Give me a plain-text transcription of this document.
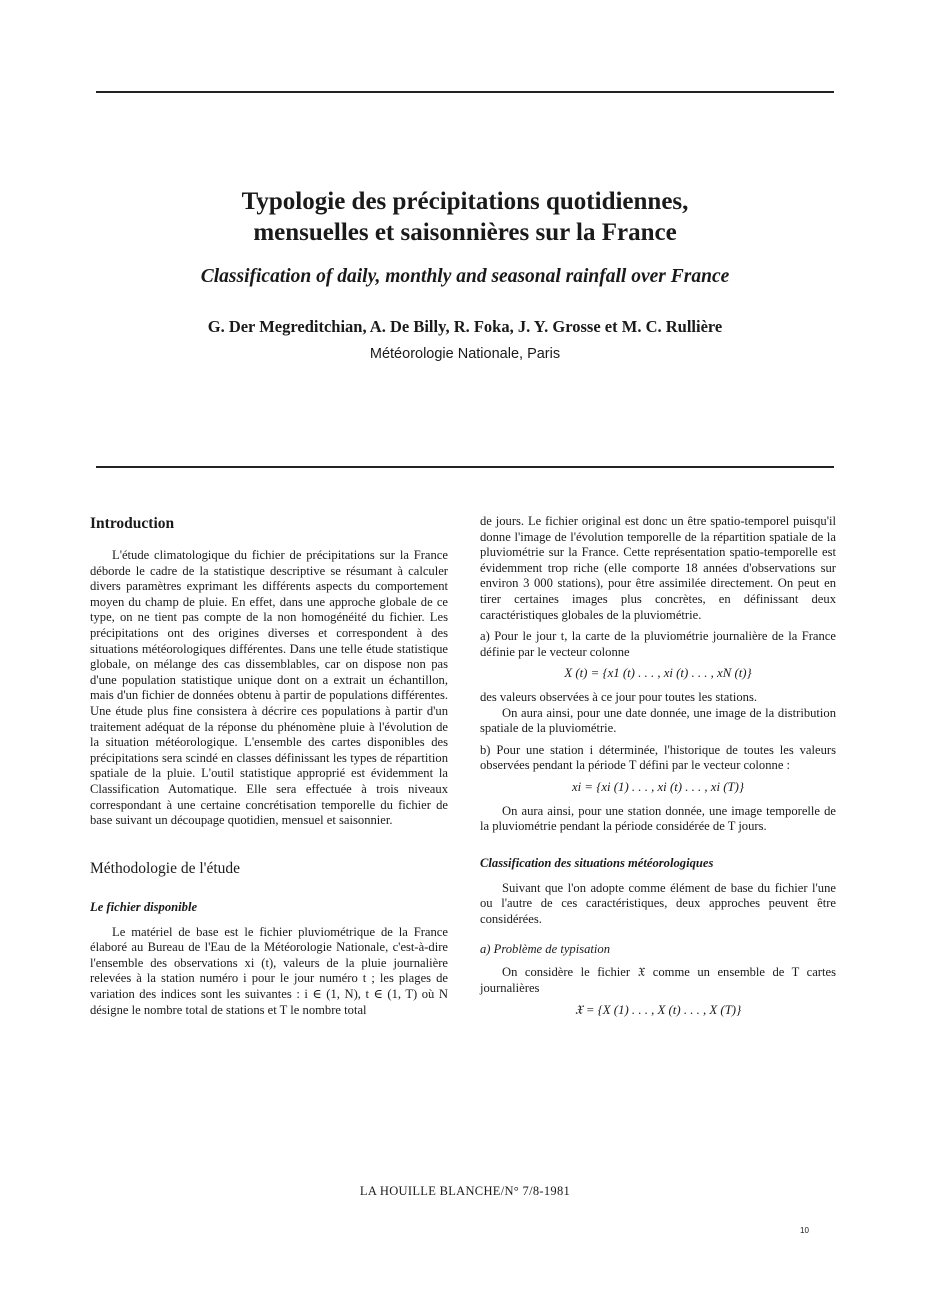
Typologie des précipitations quotidiennes,
mensuelles et saisonnières sur la France

Classification of daily, monthly and seasonal rainfall over France

G. Der Megreditchian, A. De Billy, R. Foka, J. Y. Grosse et M. C. Rullière

Météorologie Nationale, Paris

Introduction

L'étude climatologique du fichier de précipitations sur la France déborde le cadre de la statistique descriptive se résumant à calculer divers paramètres exprimant les différents aspects du comportement moyen du champ de pluie. En effet, dans une approche globale de ce type, on ne tient pas compte de la non homogénéité du fichier. Les précipitations ont des origines diverses et correspondent à des situations météorologiques différentes. Dans une telle étude statistique globale, on mélange des cas dissemblables, car on dispose non pas d'une population statistique unique dont on a extrait un échantillon, mais d'un fichier de données obtenu à partir de populations différentes. Une étude plus fine consistera à décrire ces populations à partir d'un traitement adéquat de la réponse du phénomène pluie à l'évolution de la situation météorologique. L'ensemble des cartes disponibles des précipitations sera scindé en classes définissant les types de répartition spatiale de la pluie. L'outil statistique approprié est évidemment la Classification Automatique. Elle sera effectuée à trois niveaux correspondant à une certaine concrétisation temporelle du fichier de base suivant un découpage quotidien, mensuel et saisonnier.

Méthodologie de l'étude
Le fichier disponible

Le matériel de base est le fichier pluviométrique de la France élaboré au Bureau de l'Eau de la Météorologie Nationale, c'est-à-dire l'ensemble des observations xi (t), valeurs de la pluie journalière relevées à la station numéro i pour le jour numéro t ; les plages de variation des indices sont les suivantes : i ∈ (1, N), t ∈ (1, T) où N désigne le nombre total de stations et T le nombre total

de jours. Le fichier original est donc un être spatio-temporel puisqu'il donne l'image de l'évolution temporelle de la répartition spatiale de la pluviométrie sur la France. Cette représentation spatio-temporelle est évidemment trop riche (elle comporte 18 années d'observations sur environ 3 000 stations), pour être assimilée directement. On peut en tirer certaines images plus concrètes, en définissant deux caractéristiques globales de la pluviométrie.

a) Pour le jour t, la carte de la pluviométrie journalière de la France définie par le vecteur colonne

X (t) = {x1 (t) . . . , xi (t) . . . , xN (t)}

des valeurs observées à ce jour pour toutes les stations.

On aura ainsi, pour une date donnée, une image de la distribution spatiale de la pluviométrie.

b) Pour une station i déterminée, l'historique de toutes les valeurs observées pendant la période T défini par le vecteur colonne :

xi = {xi (1) . . . , xi (t) . . . , xi (T)}

On aura ainsi, pour une station donnée, une image temporelle de la pluviométrie pendant la période considérée de T jours.

Classification des situations météorologiques

Suivant que l'on adopte comme élément de base du fichier l'une ou l'autre de ces caractéristiques, deux approches peuvent être considérées.

a) Problème de typisation

On considère le fichier 𝔛 comme un ensemble de T cartes journalières

𝔛 = {X (1) . . . , X (t) . . . , X (T)}
LA HOUILLE BLANCHE/N° 7/8-1981
10
